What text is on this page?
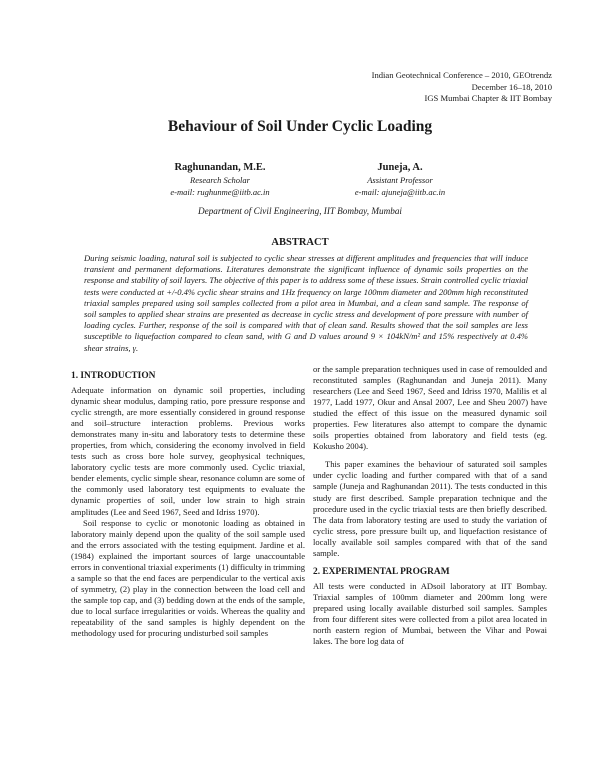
Indian Geotechnical Conference – 2010, GEOtrendz
December 16–18, 2010
IGS Mumbai Chapter & IIT Bombay
Behaviour of Soil Under Cyclic Loading
Raghunandan, M.E.
Research Scholar
e-mail: rughunme@iitb.ac.in
Juneja, A.
Assistant Professor
e-mail: ajuneja@iitb.ac.in
Department of Civil Engineering, IIT Bombay, Mumbai
ABSTRACT

During seismic loading, natural soil is subjected to cyclic shear stresses at different amplitudes and frequencies that will induce transient and permanent deformations. Literatures demonstrate the significant influence of dynamic soils properties on the response and stability of soil layers. The objective of this paper is to address some of these issues. Strain controlled cyclic triaxial tests were conducted at +/-0.4% cyclic shear strains and 1Hz frequency on large 100mm diameter and 200mm high reconstituted triaxial samples prepared using soil samples collected from a pilot area in Mumbai, and a clean sand sample. The response of soil samples to applied shear strains are presented as decrease in cyclic stress and development of pore pressure with number of loading cycles. Further, response of the soil is compared with that of clean sand. Results showed that the soil samples are less susceptible to liquefaction compared to clean sand, with G and D values around 9 × 104kN/m² and 15% respectively at 0.4% shear strains, γ.

1. INTRODUCTION

Adequate information on dynamic soil properties, including dynamic shear modulus, damping ratio, pore pressure response and cyclic strength, are more essentially considered in ground response and soil–structure interaction problems. Previous works demonstrates many in-situ and laboratory tests to determine these properties, from which, considering the economy involved in field tests such as cross bore hole survey, geophysical techniques, laboratory cyclic tests are more commonly used. Cyclic triaxial, bender elements, cyclic simple shear, resonance column are some of the commonly used laboratory test equipments to evaluate the dynamic properties of soil, under low strain to high strain amplitudes (Lee and Seed 1967, Seed and Idriss 1970).

Soil response to cyclic or monotonic loading as obtained in laboratory mainly depend upon the quality of the soil sample used and the errors associated with the testing equipment. Jardine et al. (1984) explained the important sources of large unaccountable errors in conventional triaxial experiments (1) difficulty in trimming a sample so that the end faces are perpendicular to the vertical axis of symmetry, (2) play in the connection between the load cell and the sample top cap, and (3) bedding down at the ends of the sample, due to local surface irregularities or voids. Whereas the quality and repeatability of the sand samples is highly dependent on the methodology used for procuring undisturbed soil samples

or the sample preparation techniques used in case of remoulded and reconstituted samples (Raghunandan and Juneja 2011). Many researchers (Lee and Seed 1967, Seed and Idriss 1970, Malilis et al 1977, Ladd 1977, Okur and Ansal 2007, Lee and Sheu 2007) have studied the effect of this issue on the measured dynamic soil properties. Few literatures also attempt to compare the dynamic soils properties obtained from laboratory and field tests (eg. Kokusho 2004).

This paper examines the behaviour of saturated soil samples under cyclic loading and further compared with that of a sand sample (Juneja and Raghunandan 2011). The tests conducted in this study are first described. Sample preparation technique and the procedure used in the cyclic triaxial tests are then briefly described. The data from laboratory testing are used to study the variation of cyclic stress, pore pressure built up, and liquefaction resistance of locally available soil samples compared with that of the sand sample.

2. EXPERIMENTAL PROGRAM

All tests were conducted in ADsoil laboratory at IIT Bombay. Triaxial samples of 100mm diameter and 200mm long were prepared using locally available disturbed soil samples. Samples from four different sites were collected from a pilot area located in north eastern region of Mumbai, between the Vihar and Powai lakes. The bore log data of
